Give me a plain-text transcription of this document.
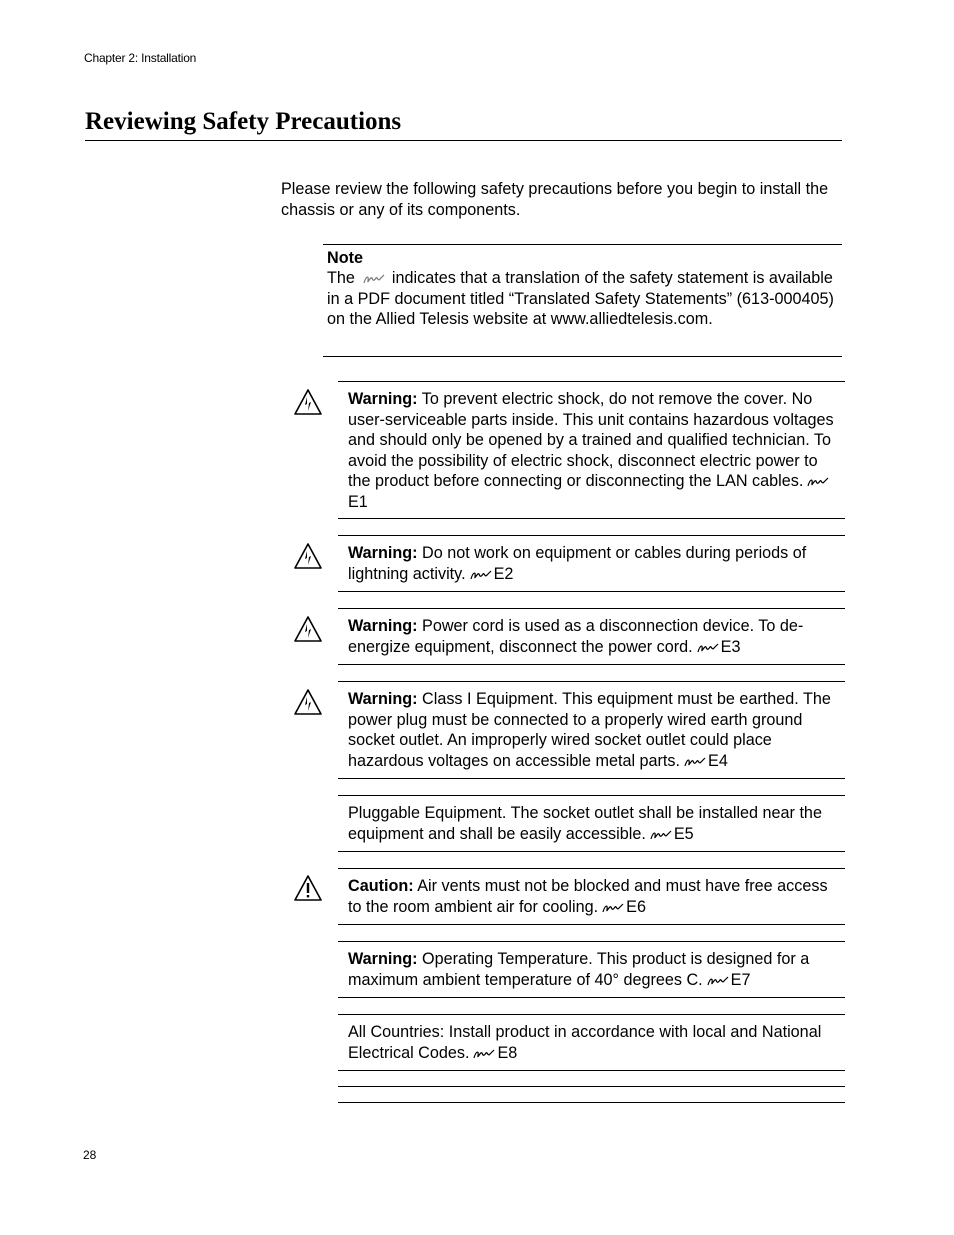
Chapter 2: Installation
Reviewing Safety Precautions

Please review the following safety precautions before you begin to install the chassis or any of its components.

Note
The indicates that a translation of the safety statement is available in a PDF document titled “Translated Safety Statements” (613-000405) on the Allied Telesis website at www.alliedtelesis.com.
Warning: To prevent electric shock, do not remove the cover. No user-serviceable parts inside. This unit contains hazardous voltages and should only be opened by a trained and qualified technician. To avoid the possibility of electric shock, disconnect electric power to the product before connecting or disconnecting the LAN cables.E1
Warning: Do not work on equipment or cables during periods of lightning activity. E2
Warning: Power cord is used as a disconnection device. To de-energize equipment, disconnect the power cord. E3
Warning: Class I Equipment. This equipment must be earthed. The power plug must be connected to a properly wired earth ground socket outlet. An improperly wired socket outlet could place hazardous voltages on accessible metal parts. E4
Pluggable Equipment. The socket outlet shall be installed near the equipment and shall be easily accessible. E5
Caution: Air vents must not be blocked and must have free access to the room ambient air for cooling. E6
Warning: Operating Temperature. This product is designed for a maximum ambient temperature of 40° degrees C. E7
All Countries: Install product in accordance with local and National Electrical Codes. E8
28
